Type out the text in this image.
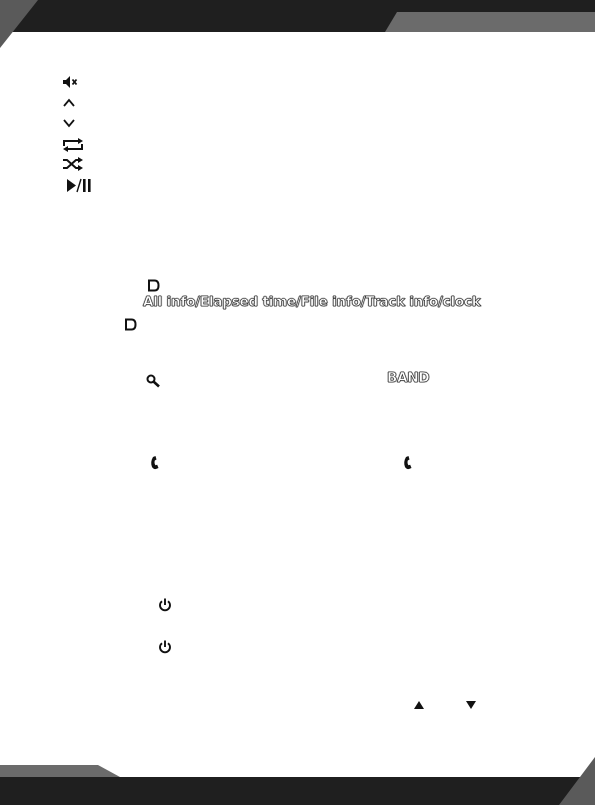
All info/Elapsed time/File info/Track info/clock
BAND
